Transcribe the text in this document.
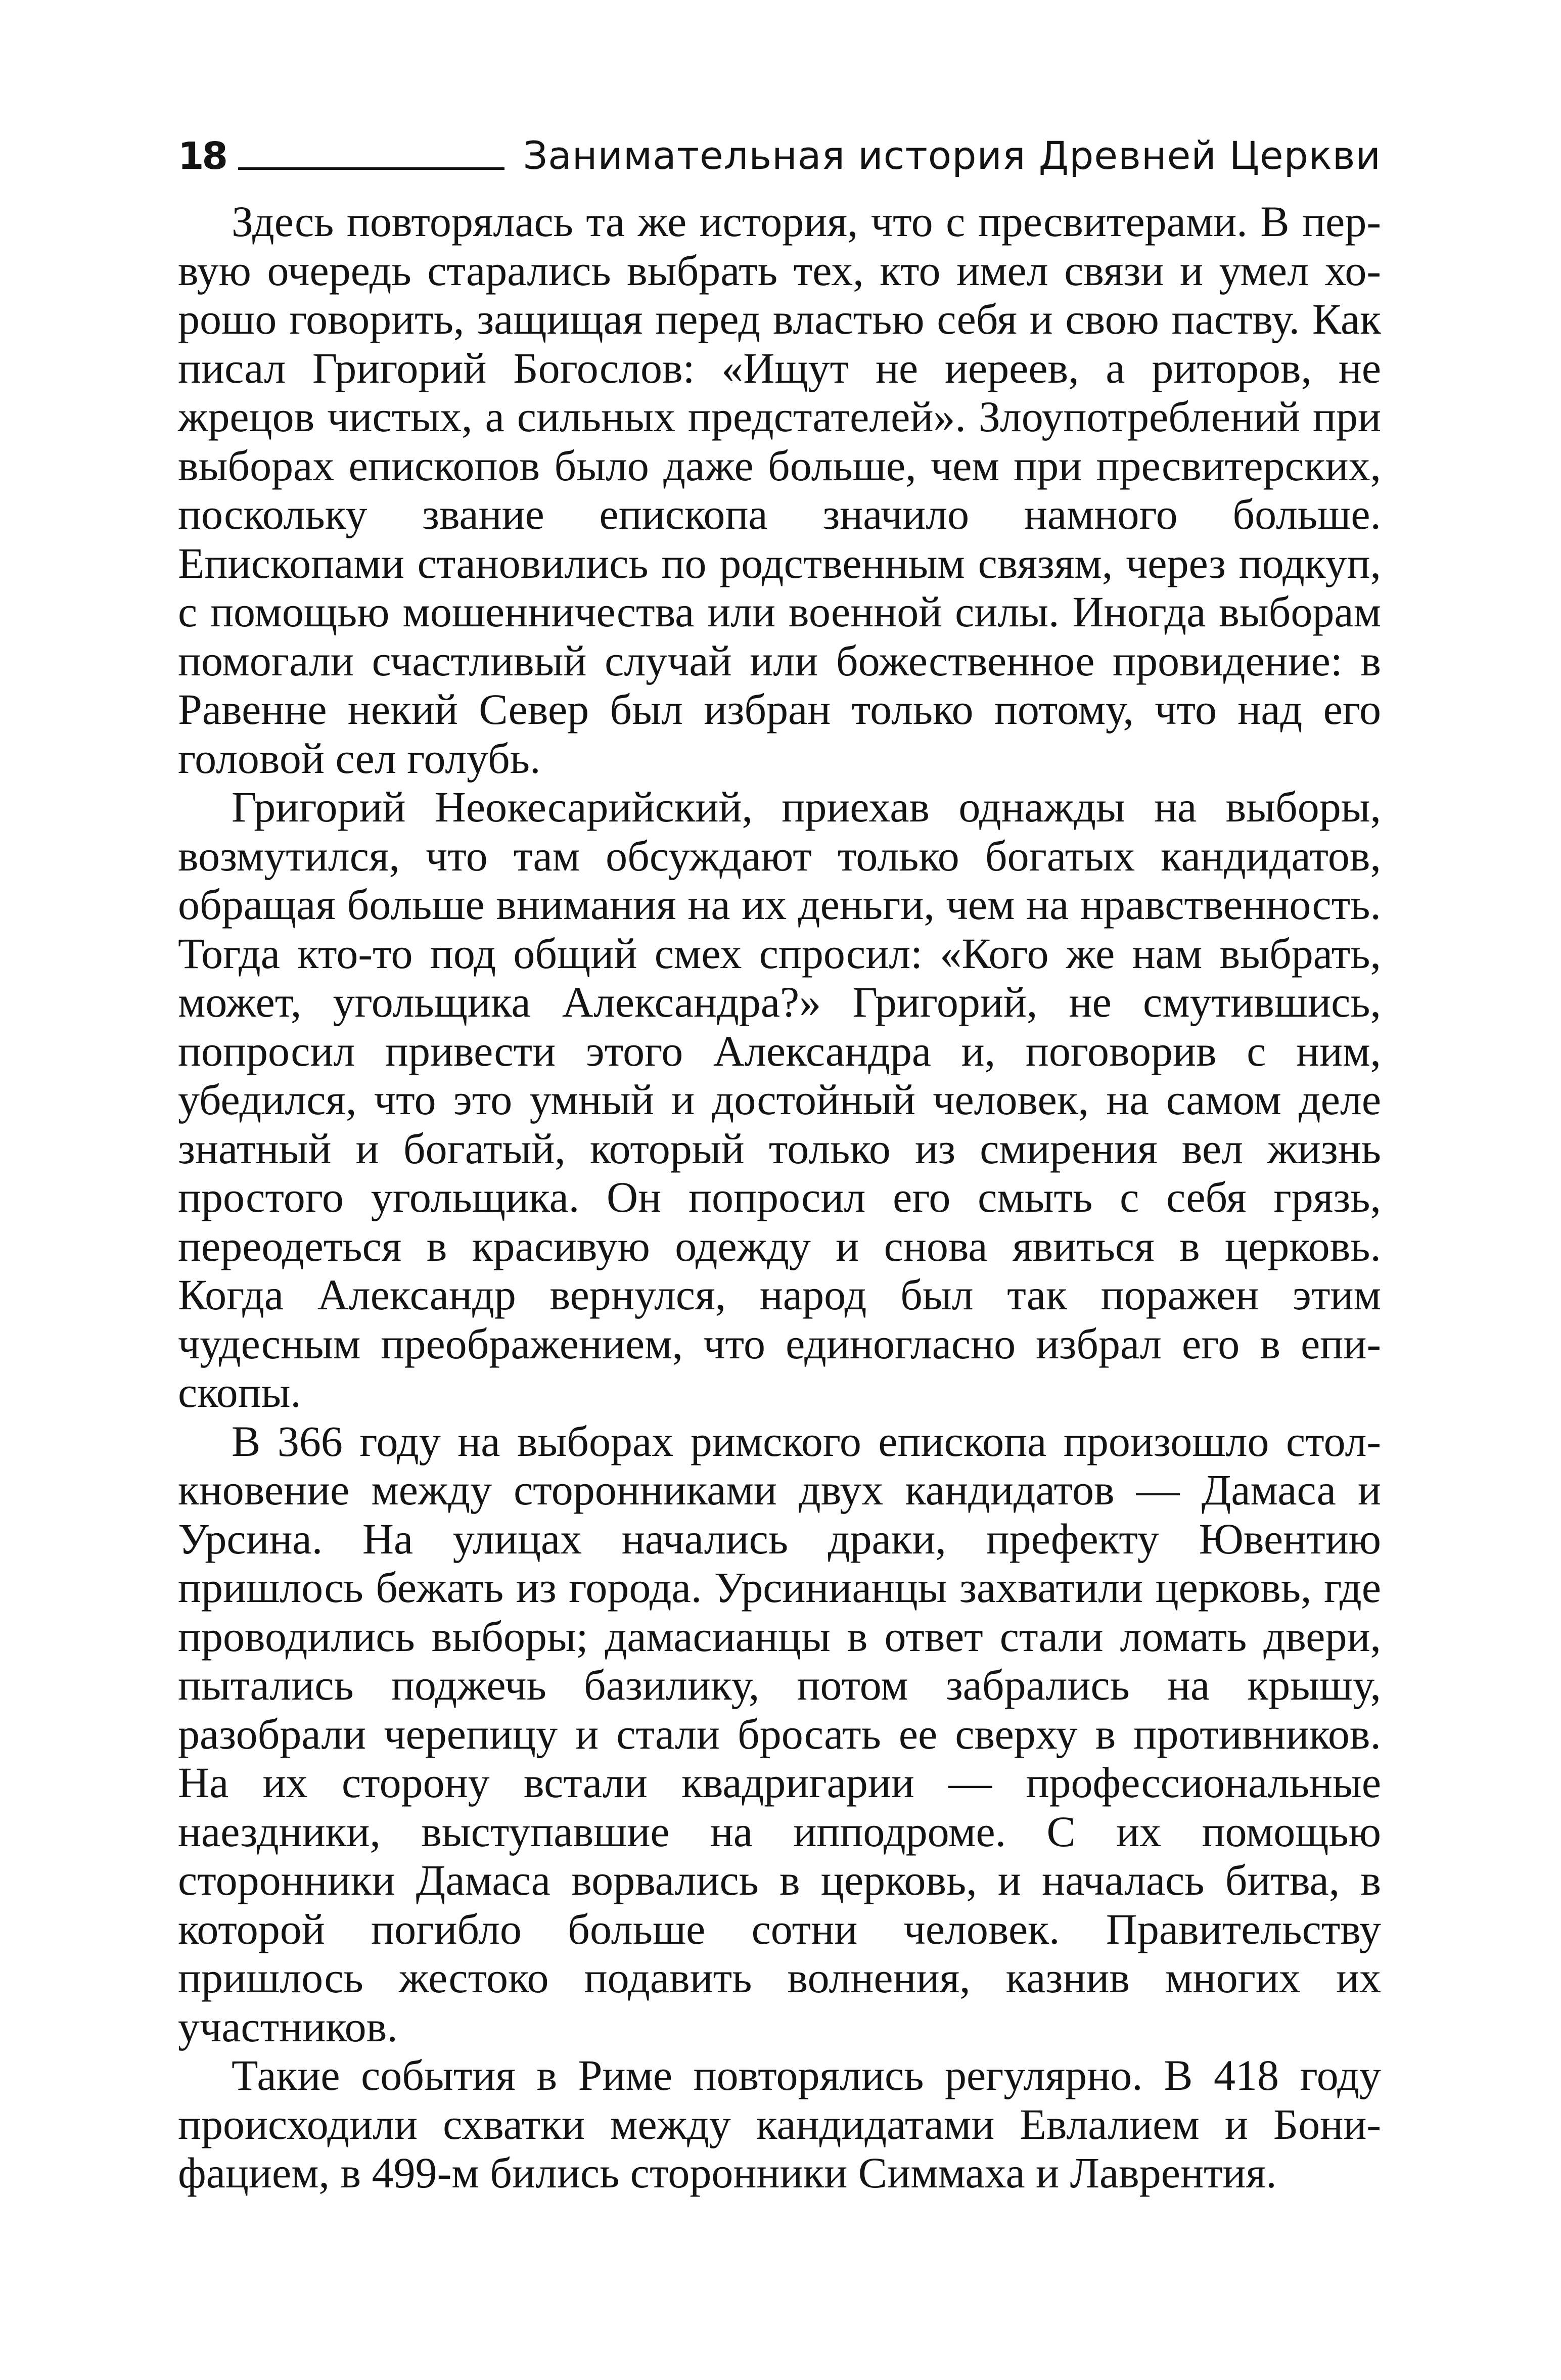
18	Занимательная история Древней Церкви

Здесь повторялась та же история, что с пресвитерами. В первую очередь старались выбрать тех, кто имел связи и умел хорошо говорить, защищая перед властью себя и свою паству. Как писал Григорий Богослов: «Ищут не иереев, а риторов, не жрецов чистых, а сильных предстателей». Злоупотреблений при выборах епископов было даже больше, чем при пресвитерских, поскольку звание епископа значило намного больше. Епископами становились по родственным связям, через подкуп, с помощью мошенничества или военной силы. Иногда выборам помогали счастливый случай или божественное провидение: в Равенне некий Север был избран только потому, что над его головой сел голубь.

Григорий Неокесарийский, приехав однажды на выборы, возмутился, что там обсуждают только богатых кандидатов, обращая больше внимания на их деньги, чем на нравственность. Тогда кто-то под общий смех спросил: «Кого же нам выбрать, может, угольщика Александра?» Григорий, не смутившись, попросил привести этого Александра и, поговорив с ним, убедился, что это умный и достойный человек, на самом деле знатный и богатый, который только из смирения вел жизнь простого угольщика. Он попросил его смыть с себя грязь, переодеться в красивую одежду и снова явиться в церковь. Когда Александр вернулся, народ был так поражен этим чудесным преображением, что единогласно избрал его в епископы.

В 366 году на выборах римского епископа произошло столкновение между сторонниками двух кандидатов — Дамаса и Урсина. На улицах начались драки, префекту Ювентию пришлось бежать из города. Урсинианцы захватили церковь, где проводились выборы; дамасианцы в ответ стали ломать двери, пытались поджечь базилику, потом забрались на крышу, разобрали черепицу и стали бросать ее сверху в противников. На их сторону встали квадригарии — профессиональные наездники, выступавшие на ипподроме. С их помощью сторонники Дамаса ворвались в церковь, и началась битва, в которой погибло больше сотни человек. Правительству пришлось жестоко подавить волнения, казнив многих их участников.

Такие события в Риме повторялись регулярно. В 418 году происходили схватки между кандидатами Евлалием и Бонифацием, в 499-м бились сторонники Симмаха и Лаврентия.
